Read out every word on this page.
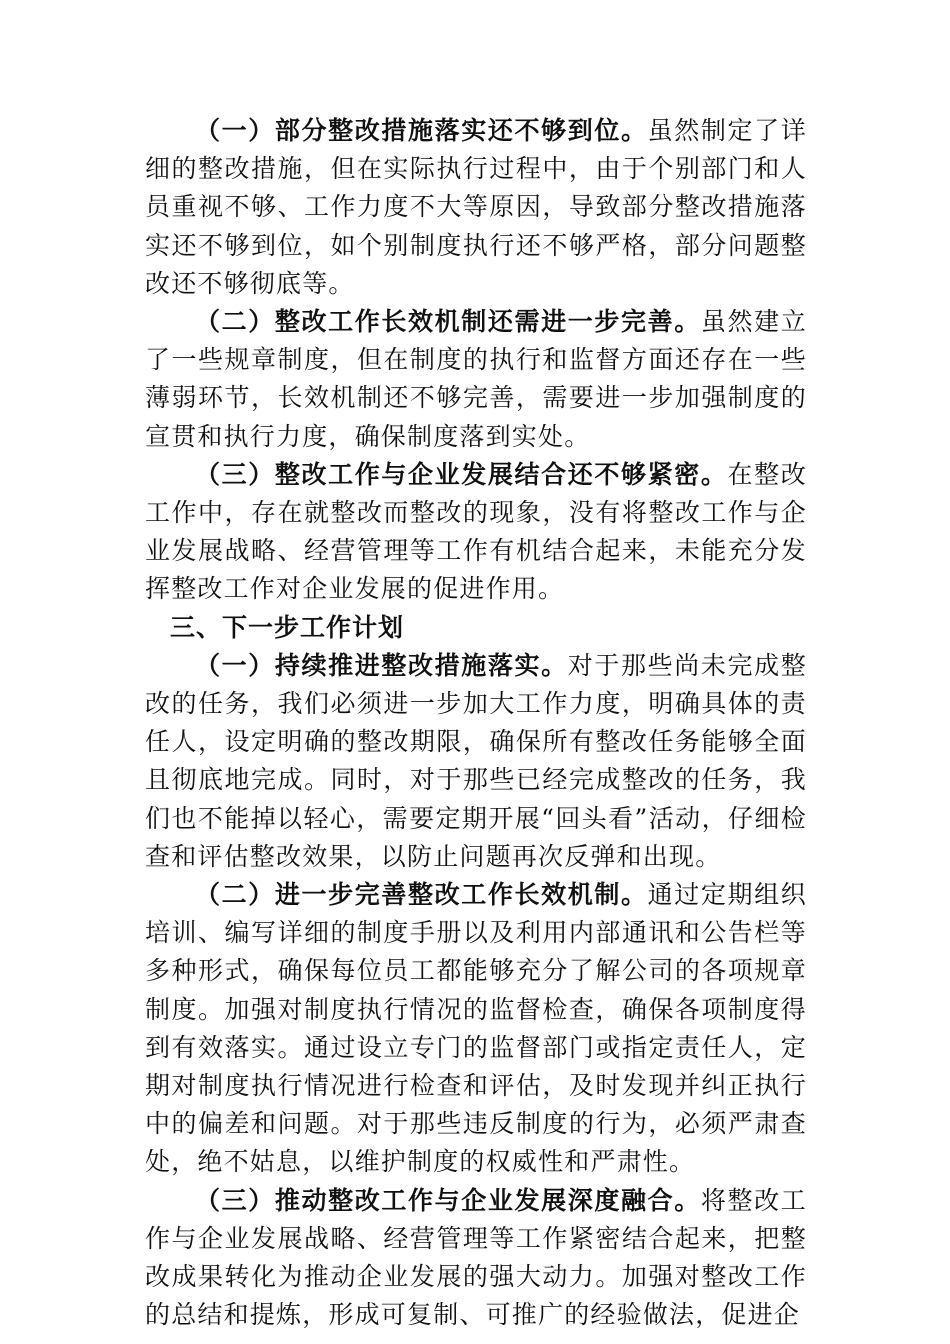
（一）部分整改措施落实还不够到位。虽然制定了详细的整改措施，但在实际执行过程中，由于个别部门和人员重视不够、工作力度不大等原因，导致部分整改措施落实还不够到位，如个别制度执行还不够严格，部分问题整改还不够彻底等。

（二）整改工作长效机制还需进一步完善。虽然建立了一些规章制度，但在制度的执行和监督方面还存在一些薄弱环节，长效机制还不够完善，需要进一步加强制度的宣贯和执行力度，确保制度落到实处。

（三）整改工作与企业发展结合还不够紧密。在整改工作中，存在就整改而整改的现象，没有将整改工作与企业发展战略、经营管理等工作有机结合起来，未能充分发挥整改工作对企业发展的促进作用。

三、下一步工作计划

（一）持续推进整改措施落实。对于那些尚未完成整改的任务，我们必须进一步加大工作力度，明确具体的责任人，设定明确的整改期限，确保所有整改任务能够全面且彻底地完成。同时，对于那些已经完成整改的任务，我们也不能掉以轻心，需要定期开展“回头看”活动，仔细检查和评估整改效果，以防止问题再次反弹和出现。

（二）进一步完善整改工作长效机制。通过定期组织培训、编写详细的制度手册以及利用内部通讯和公告栏等多种形式，确保每位员工都能够充分了解公司的各项规章制度。加强对制度执行情况的监督检查，确保各项制度得到有效落实。通过设立专门的监督部门或指定责任人，定期对制度执行情况进行检查和评估，及时发现并纠正执行中的偏差和问题。对于那些违反制度的行为，必须严肃查处，绝不姑息，以维护制度的权威性和严肃性。

（三）推动整改工作与企业发展深度融合。将整改工作与企业发展战略、经营管理等工作紧密结合起来，把整改成果转化为推动企业发展的强大动力。加强对整改工作的总结和提炼，形成可复制、可推广的经验做法，促进企
